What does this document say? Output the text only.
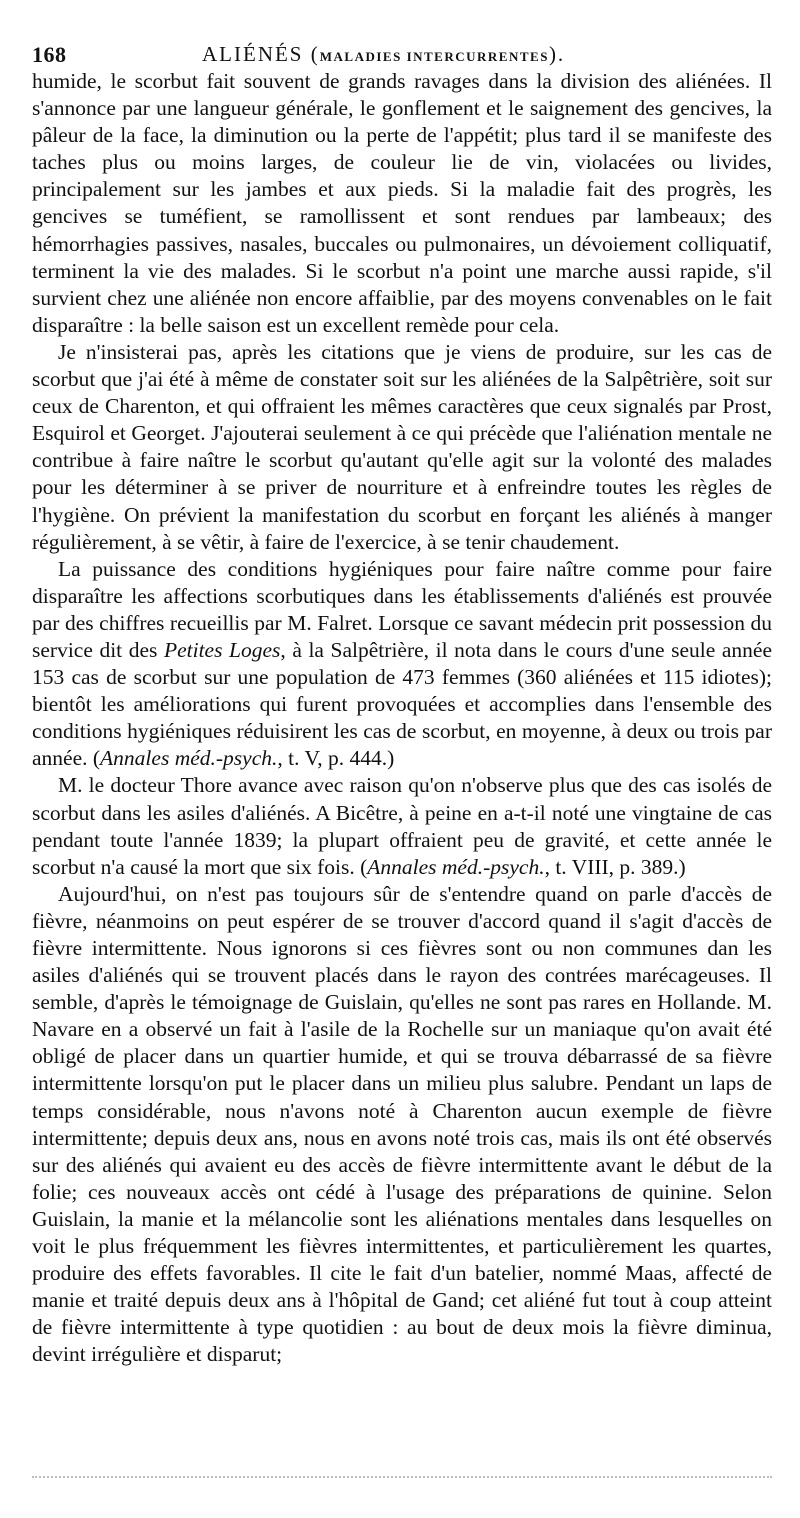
168	ALIÉNÉS (MALADIES INTERCURRENTES).

humide, le scorbut fait souvent de grands ravages dans la division des aliénées. Il s'annonce par une langueur générale, le gonflement et le saignement des gencives, la pâleur de la face, la diminution ou la perte de l'appétit; plus tard il se manifeste des taches plus ou moins larges, de couleur lie de vin, violacées ou livides, principalement sur les jambes et aux pieds. Si la maladie fait des progrès, les gencives se tuméfient, se ramollissent et sont rendues par lambeaux; des hémorrhagies passives, nasales, buccales ou pulmonaires, un dévoiement colliquatif, terminent la vie des malades. Si le scorbut n'a point une marche aussi rapide, s'il survient chez une aliénée non encore affaiblie, par des moyens convenables on le fait disparaître : la belle saison est un excellent remède pour cela.

Je n'insisterai pas, après les citations que je viens de produire, sur les cas de scorbut que j'ai été à même de constater soit sur les aliénées de la Salpêtrière, soit sur ceux de Charenton, et qui offraient les mêmes caractères que ceux signalés par Prost, Esquirol et Georget. J'ajouterai seulement à ce qui précède que l'aliénation mentale ne contribue à faire naître le scorbut qu'autant qu'elle agit sur la volonté des malades pour les déterminer à se priver de nourriture et à enfreindre toutes les règles de l'hygiène. On prévient la manifestation du scorbut en forçant les aliénés à manger régulièrement, à se vêtir, à faire de l'exercice, à se tenir chaudement.

La puissance des conditions hygiéniques pour faire naître comme pour faire disparaître les affections scorbutiques dans les établissements d'aliénés est prouvée par des chiffres recueillis par M. Falret. Lorsque ce savant médecin prit possession du service dit des Petites Loges, à la Salpêtrière, il nota dans le cours d'une seule année 153 cas de scorbut sur une population de 473 femmes (360 aliénées et 115 idiotes); bientôt les améliorations qui furent provoquées et accomplies dans l'ensemble des conditions hygiéniques réduisirent les cas de scorbut, en moyenne, à deux ou trois par année. (Annales méd.-psych., t. V, p. 444.)

M. le docteur Thore avance avec raison qu'on n'observe plus que des cas isolés de scorbut dans les asiles d'aliénés. A Bicêtre, à peine en a-t-il noté une vingtaine de cas pendant toute l'année 1839; la plupart offraient peu de gravité, et cette année le scorbut n'a causé la mort que six fois. (Annales méd.-psych., t. VIII, p. 389.)

Aujourd'hui, on n'est pas toujours sûr de s'entendre quand on parle d'accès de fièvre, néanmoins on peut espérer de se trouver d'accord quand il s'agit d'accès de fièvre intermittente. Nous ignorons si ces fièvres sont ou non communes dan les asiles d'aliénés qui se trouvent placés dans le rayon des contrées marécageuses. Il semble, d'après le témoignage de Guislain, qu'elles ne sont pas rares en Hollande. M. Navare en a observé un fait à l'asile de la Rochelle sur un maniaque qu'on avait été obligé de placer dans un quartier humide, et qui se trouva débarrassé de sa fièvre intermittente lorsqu'on put le placer dans un milieu plus salubre. Pendant un laps de temps considérable, nous n'avons noté à Charenton aucun exemple de fièvre intermittente; depuis deux ans, nous en avons noté trois cas, mais ils ont été observés sur des aliénés qui avaient eu des accès de fièvre intermittente avant le début de la folie; ces nouveaux accès ont cédé à l'usage des préparations de quinine. Selon Guislain, la manie et la mélancolie sont les aliénations mentales dans lesquelles on voit le plus fréquemment les fièvres intermittentes, et particulièrement les quartes, produire des effets favorables. Il cite le fait d'un batelier, nommé Maas, affecté de manie et traité depuis deux ans à l'hôpital de Gand; cet aliéné fut tout à coup atteint de fièvre intermittente à type quotidien : au bout de deux mois la fièvre diminua, devint irrégulière et disparut;
